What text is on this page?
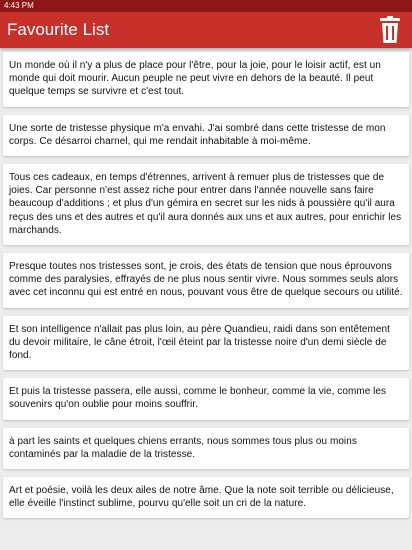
4:43 PM
Favourite List

Un monde où il n'y a plus de place pour l'être, pour la joie, pour le loisir actif, est un monde qui doit mourir. Aucun peuple ne peut vivre en dehors de la beauté. Il peut quelque temps se survivre et c'est tout.

Une sorte de tristesse physique m'a envahi. J'ai sombré dans cette tristesse de mon corps. Ce désarroi charnel, qui me rendait inhabitable à moi-même.

Tous ces cadeaux, en temps d'étrennes, arrivent à remuer plus de tristesses que de joies. Car personne n'est assez riche pour entrer dans l'année nouvelle sans faire beaucoup d'additions ; et plus d'un gémira en secret sur les nids à poussière qu'il aura reçus des uns et des autres et qu'il aura donnés aux uns et aux autres, pour enrichir les marchands.

Presque toutes nos tristesses sont, je crois, des états de tension que nous éprouvons comme des paralysies, effrayés de ne plus nous sentir vivre. Nous sommes seuls alors avec cet inconnu qui est entré en nous, pouvant vous être de quelque secours ou utilité.

Et son intelligence n'allait pas plus loin, au père Quandieu, raidi dans son entêtement du devoir militaire, le câne étroit, l'œil éteint par la tristesse noire d'un demi siècle de fond.

Et puis la tristesse passera, elle aussi, comme le bonheur, comme la vie, comme les souvenirs qu'on oublie pour moins souffrir.

à part les saints et quelques chiens errants, nous sommes tous plus ou moins contaminés par la maladie de la tristesse.

Art et poésie, voilà les deux ailes de notre âme. Que la note soit terrible ou délicieuse, elle éveille l'instinct sublime, pourvu qu'elle soit un cri de la nature.
